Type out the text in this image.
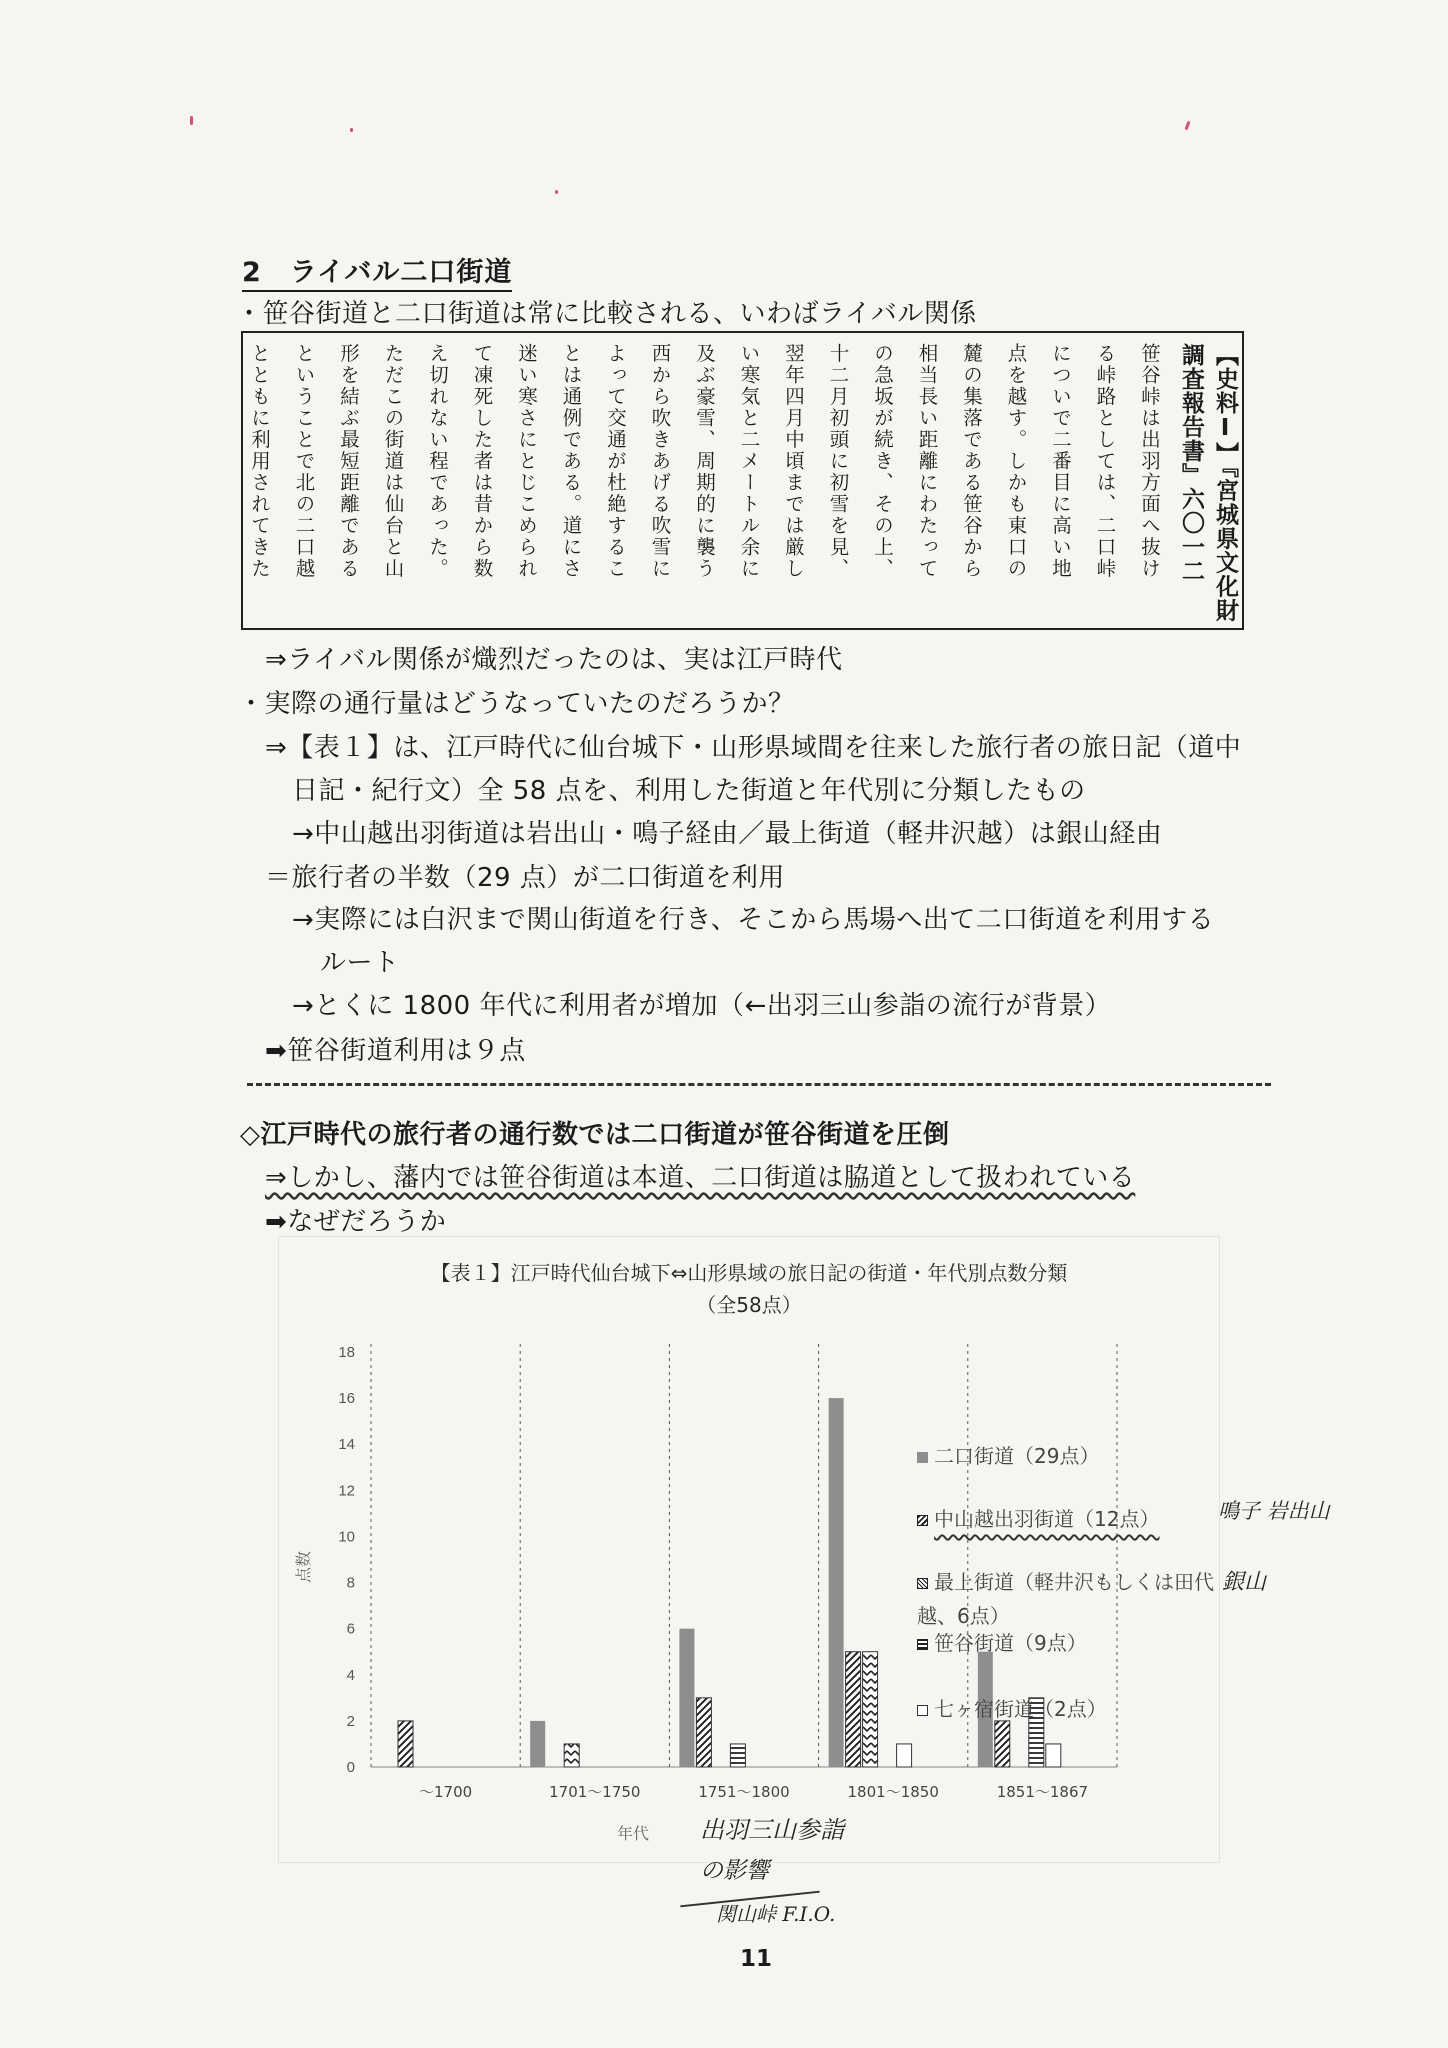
2　ライバル二口街道
・笹谷街道と二口街道は常に比較される、いわばライバル関係
【史料Ⅰ】『宮城県文化財
調査報告書』六〇一二
笹谷峠は出羽方面へ抜け
る峠路としては、二口峠
についで二番目に高い地
点を越す。しかも東口の
麓の集落である笹谷から
相当長い距離にわたって
の急坂が続き、その上、
十二月初頭に初雪を見、
翌年四月中頃までは厳し
い寒気と二メートル余に
及ぶ豪雪、周期的に襲う
西から吹きあげる吹雪に
よって交通が杜絶するこ
とは通例である。道にさ
迷い寒さにとじこめられ
て凍死した者は昔から数
え切れない程であった。
ただこの街道は仙台と山
形を結ぶ最短距離である
ということで北の二口越
とともに利用されてきた
⇒ライバル関係が熾烈だったのは、実は江戸時代
・実際の通行量はどうなっていたのだろうか？
⇒【表１】は、江戸時代に仙台城下・山形県域間を往来した旅行者の旅日記（道中
日記・紀行文）全 58 点を、利用した街道と年代別に分類したもの
→中山越出羽街道は岩出山・鳴子経由／最上街道（軽井沢越）は銀山経由
＝旅行者の半数（29 点）が二口街道を利用
→実際には白沢まで関山街道を行き、そこから馬場へ出て二口街道を利用する
ルート
→とくに 1800 年代に利用者が増加（←出羽三山参詣の流行が背景）
➡笹谷街道利用は９点
◇江戸時代の旅行者の通行数では二口街道が笹谷街道を圧倒
⇒しかし、藩内では笹谷街道は本道、二口街道は脇道として扱われている
➡なぜだろうか
【表１】江戸時代仙台城下⇔山形県域の旅日記の街道・年代別点数分類
（全58点）
0
2
4
6
8
10
12
14
16
18
〜1700	1701〜1750	1751〜1800	1801〜1850	1851〜1867
年代
点数
二口街道（29点）
中山越出羽街道（12点）
最上街道（軽井沢もしくは田代越、6点）
笹谷街道（9点）
七ヶ宿街道（2点）
鳴子 岩出山
銀山
出羽三山参詣
の影響
関山峠 F.I.O.
11
